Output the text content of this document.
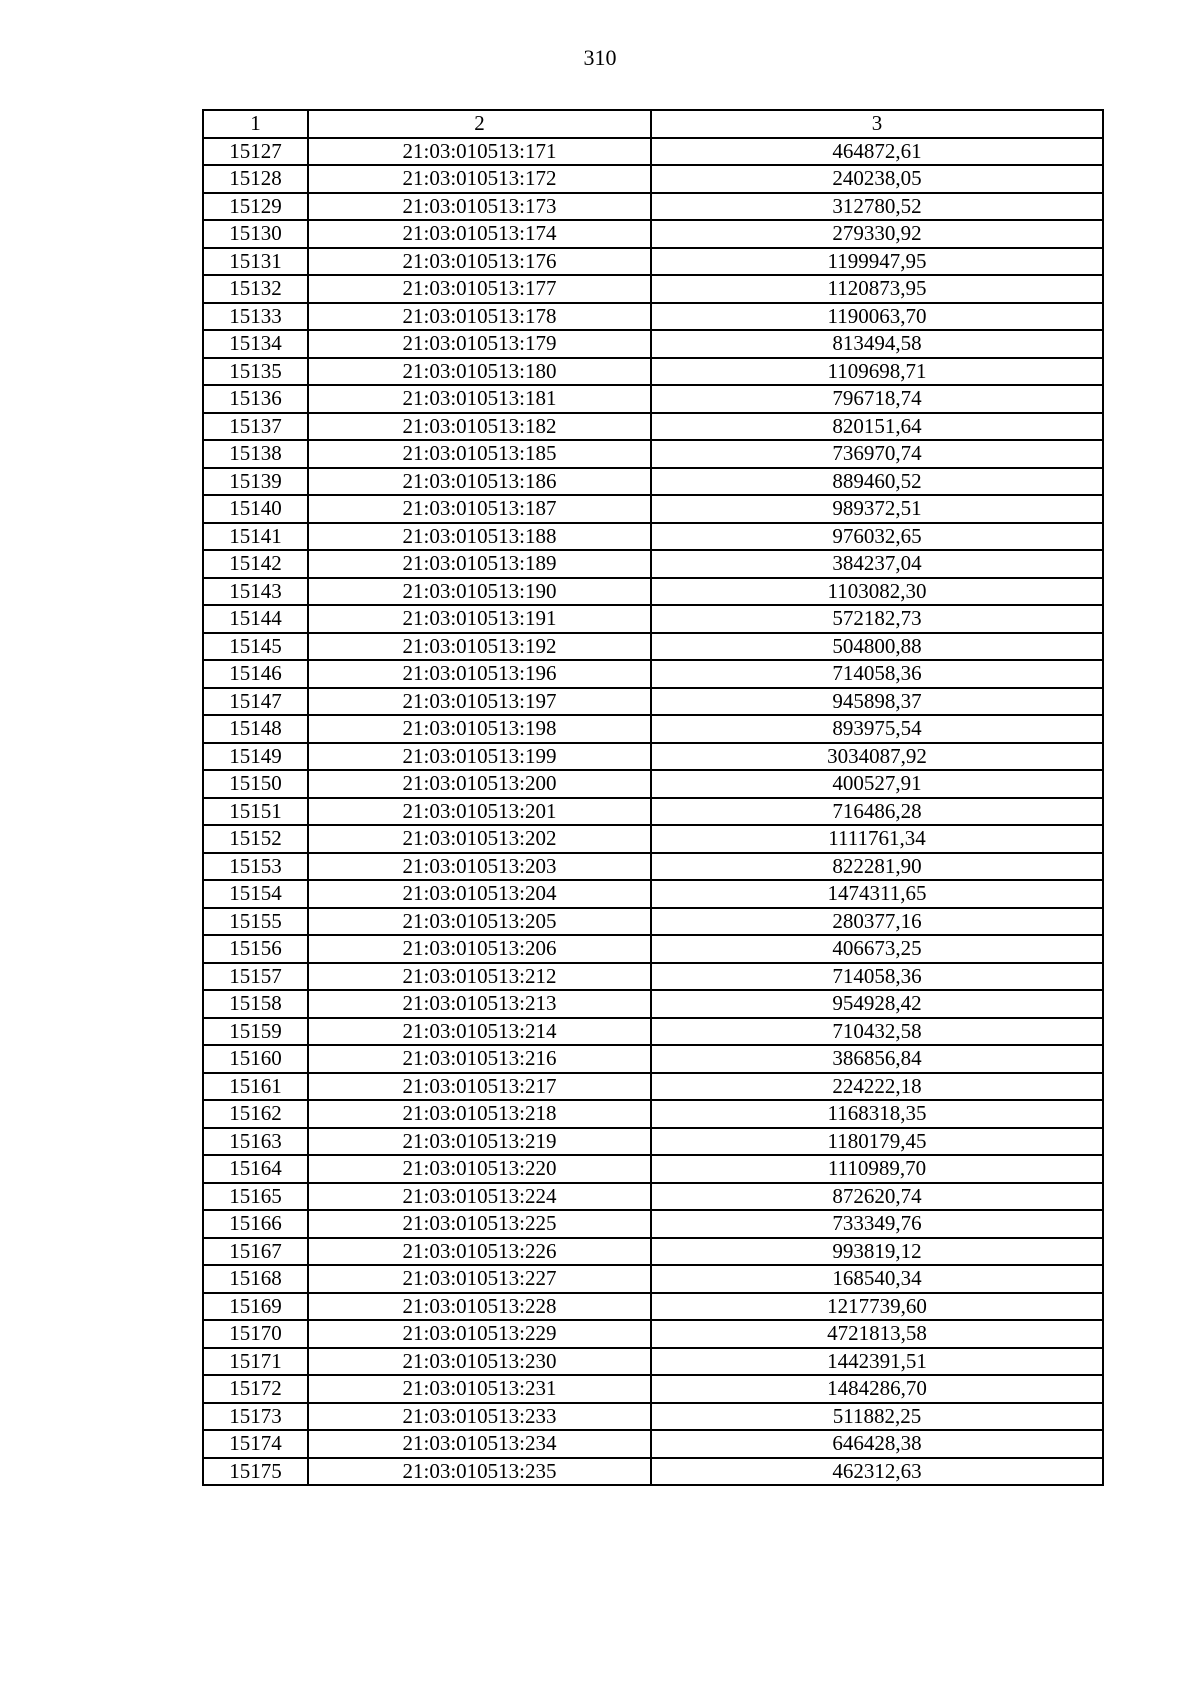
310
1	2	3
15127	21:03:010513:171	464872,61
15128	21:03:010513:172	240238,05
15129	21:03:010513:173	312780,52
15130	21:03:010513:174	279330,92
15131	21:03:010513:176	1199947,95
15132	21:03:010513:177	1120873,95
15133	21:03:010513:178	1190063,70
15134	21:03:010513:179	813494,58
15135	21:03:010513:180	1109698,71
15136	21:03:010513:181	796718,74
15137	21:03:010513:182	820151,64
15138	21:03:010513:185	736970,74
15139	21:03:010513:186	889460,52
15140	21:03:010513:187	989372,51
15141	21:03:010513:188	976032,65
15142	21:03:010513:189	384237,04
15143	21:03:010513:190	1103082,30
15144	21:03:010513:191	572182,73
15145	21:03:010513:192	504800,88
15146	21:03:010513:196	714058,36
15147	21:03:010513:197	945898,37
15148	21:03:010513:198	893975,54
15149	21:03:010513:199	3034087,92
15150	21:03:010513:200	400527,91
15151	21:03:010513:201	716486,28
15152	21:03:010513:202	1111761,34
15153	21:03:010513:203	822281,90
15154	21:03:010513:204	1474311,65
15155	21:03:010513:205	280377,16
15156	21:03:010513:206	406673,25
15157	21:03:010513:212	714058,36
15158	21:03:010513:213	954928,42
15159	21:03:010513:214	710432,58
15160	21:03:010513:216	386856,84
15161	21:03:010513:217	224222,18
15162	21:03:010513:218	1168318,35
15163	21:03:010513:219	1180179,45
15164	21:03:010513:220	1110989,70
15165	21:03:010513:224	872620,74
15166	21:03:010513:225	733349,76
15167	21:03:010513:226	993819,12
15168	21:03:010513:227	168540,34
15169	21:03:010513:228	1217739,60
15170	21:03:010513:229	4721813,58
15171	21:03:010513:230	1442391,51
15172	21:03:010513:231	1484286,70
15173	21:03:010513:233	511882,25
15174	21:03:010513:234	646428,38
15175	21:03:010513:235	462312,63
